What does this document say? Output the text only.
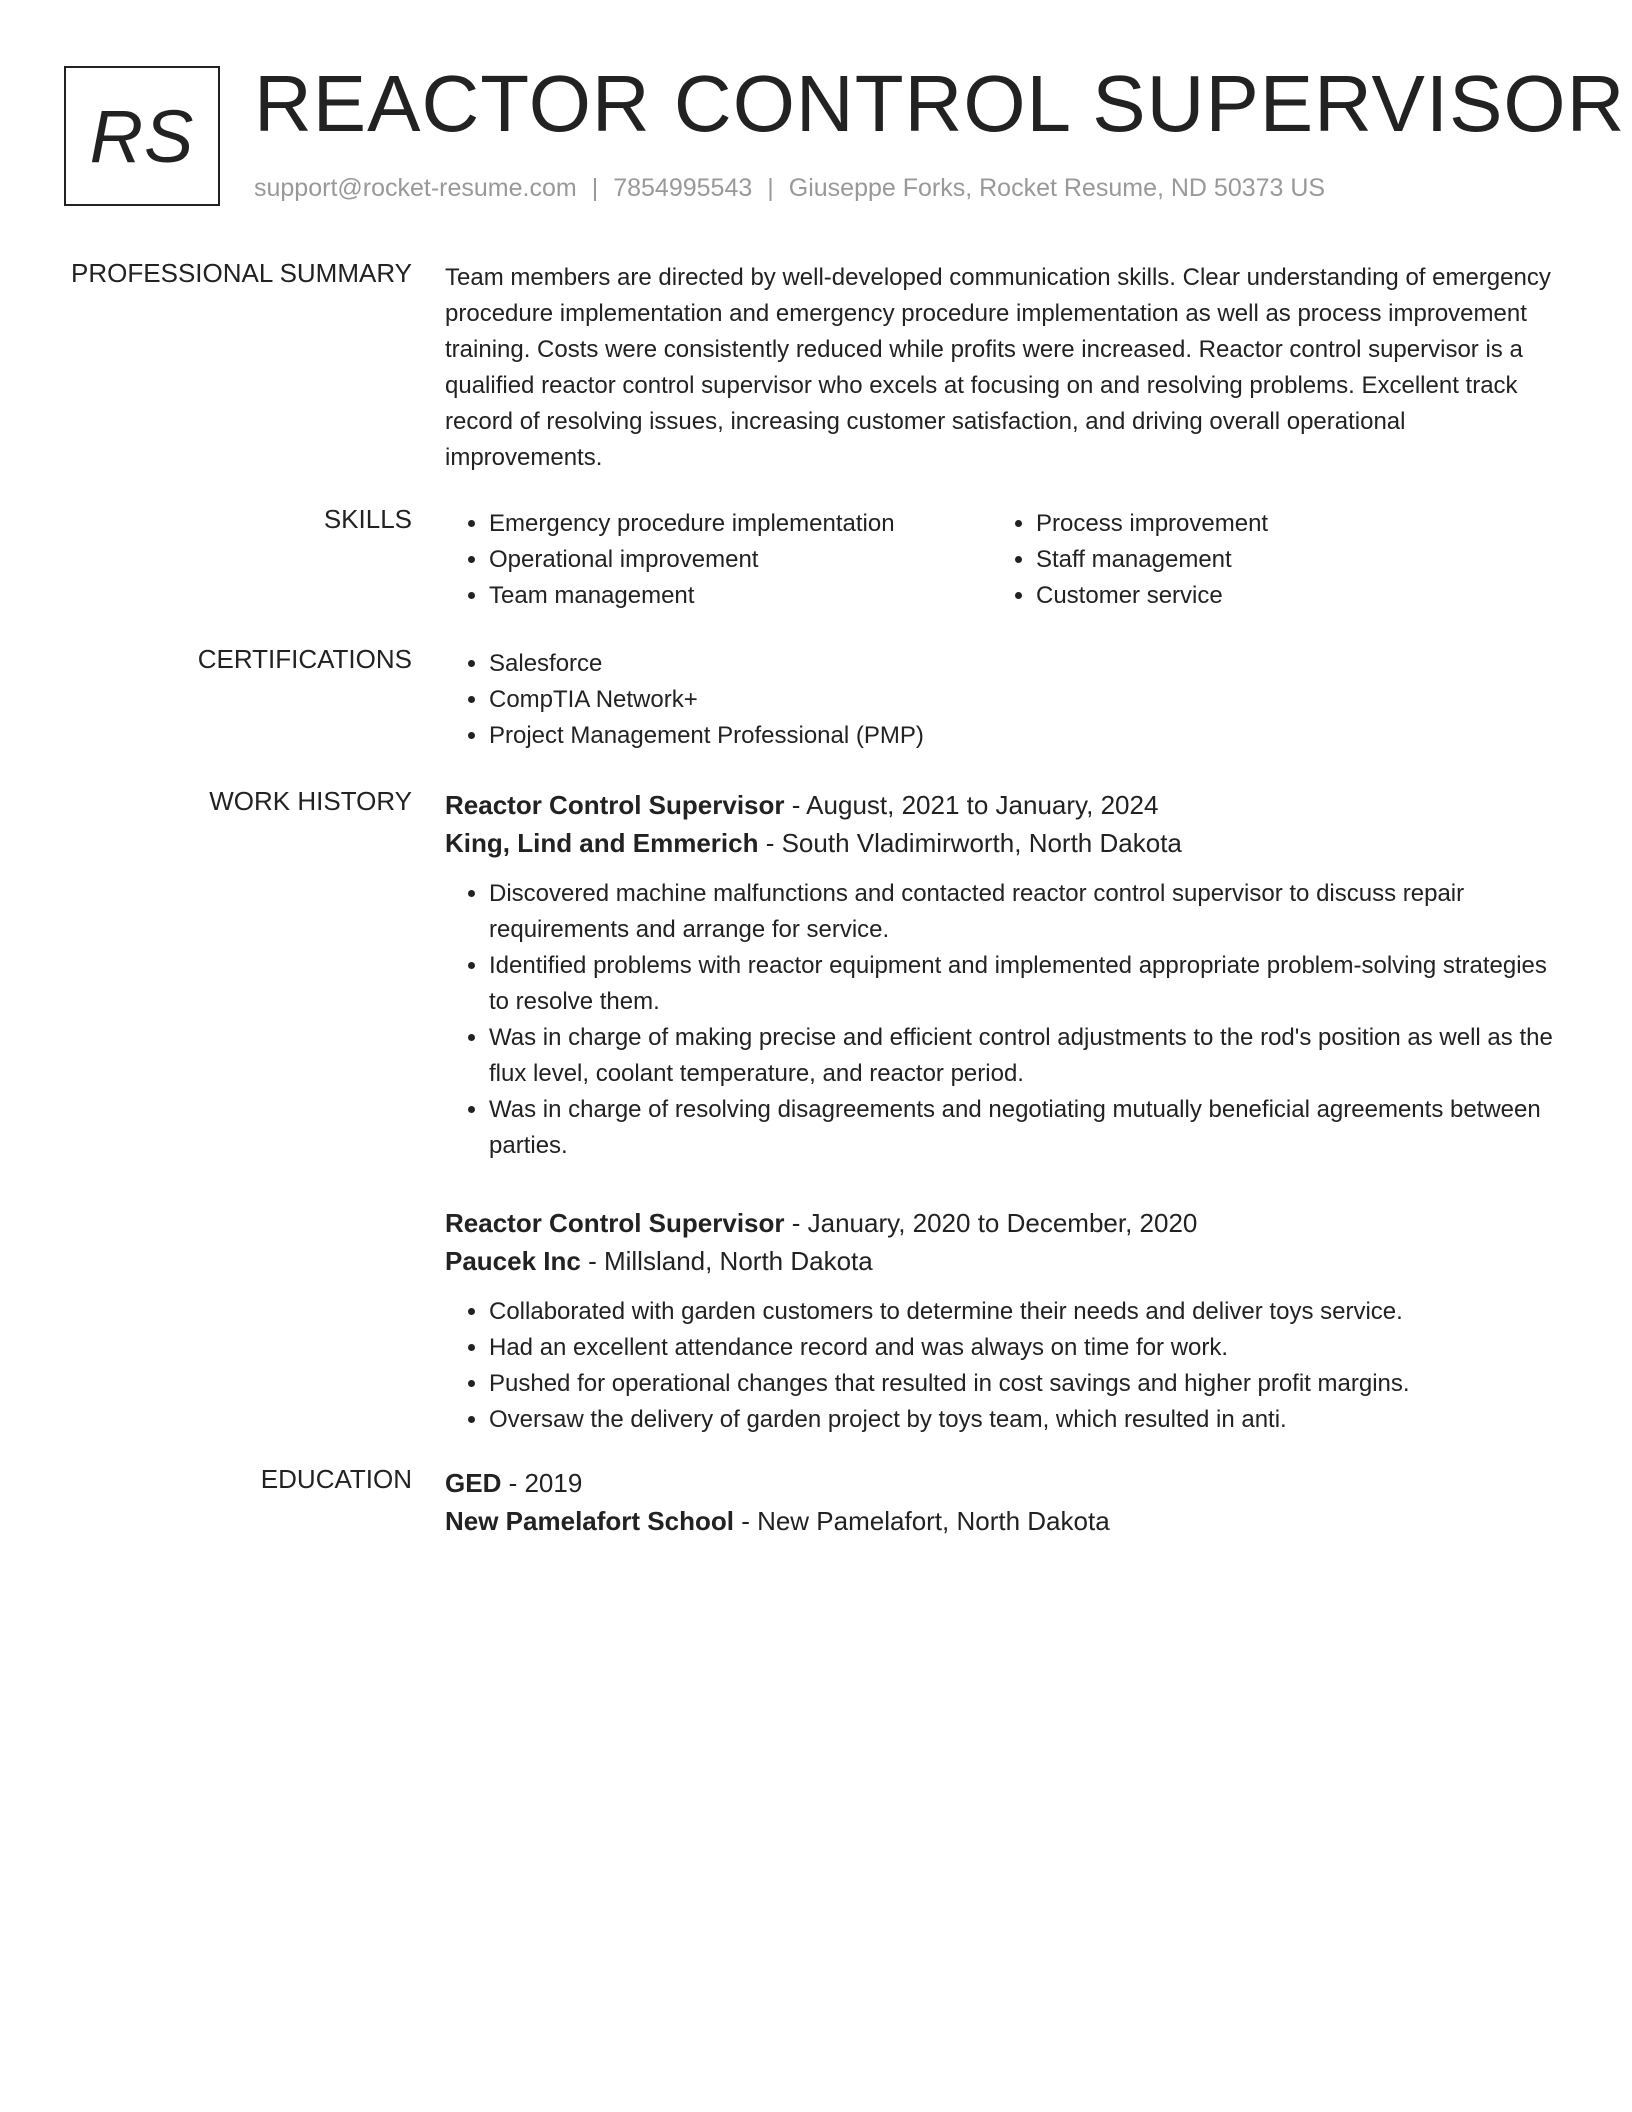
RS REACTOR CONTROL SUPERVISOR
support@rocket-resume.com | 7854995543 | Giuseppe Forks, Rocket Resume, ND 50373 US
PROFESSIONAL SUMMARY Team members are directed by well-developed communication skills. Clear understanding of emergency procedure implementation and emergency procedure implementation as well as process improvement training. Costs were consistently reduced while profits were increased. Reactor control supervisor is a qualified reactor control supervisor who excels at focusing on and resolving problems. Excellent track record of resolving issues, increasing customer satisfaction, and driving overall operational improvements.

SKILLS	• Emergency procedure implementation
• Operational improvement
• Team management
• Process improvement
• Staff management
• Customer service
CERTIFICATIONS	• Salesforce
• CompTIA Network+
• Project Management Professional (PMP)
WORK HISTORY Reactor Control Supervisor - August, 2021 to January, 2024
King, Lind and Emmerich - South Vladimirworth, North Dakota
• Discovered machine malfunctions and contacted reactor control supervisor to discuss repair requirements and arrange for service.
• Identified problems with reactor equipment and implemented appropriate problem-solving strategies to resolve them.
• Was in charge of making precise and efficient control adjustments to the rod's position as well as the flux level, coolant temperature, and reactor period.
• Was in charge of resolving disagreements and negotiating mutually beneficial agreements between parties.
Reactor Control Supervisor - January, 2020 to December, 2020
Paucek Inc - Millsland, North Dakota
• Collaborated with garden customers to determine their needs and deliver toys service.
• Had an excellent attendance record and was always on time for work.
• Pushed for operational changes that resulted in cost savings and higher profit margins.
• Oversaw the delivery of garden project by toys team, which resulted in anti.
EDUCATION GED - 2019
New Pamelafort School - New Pamelafort, North Dakota
